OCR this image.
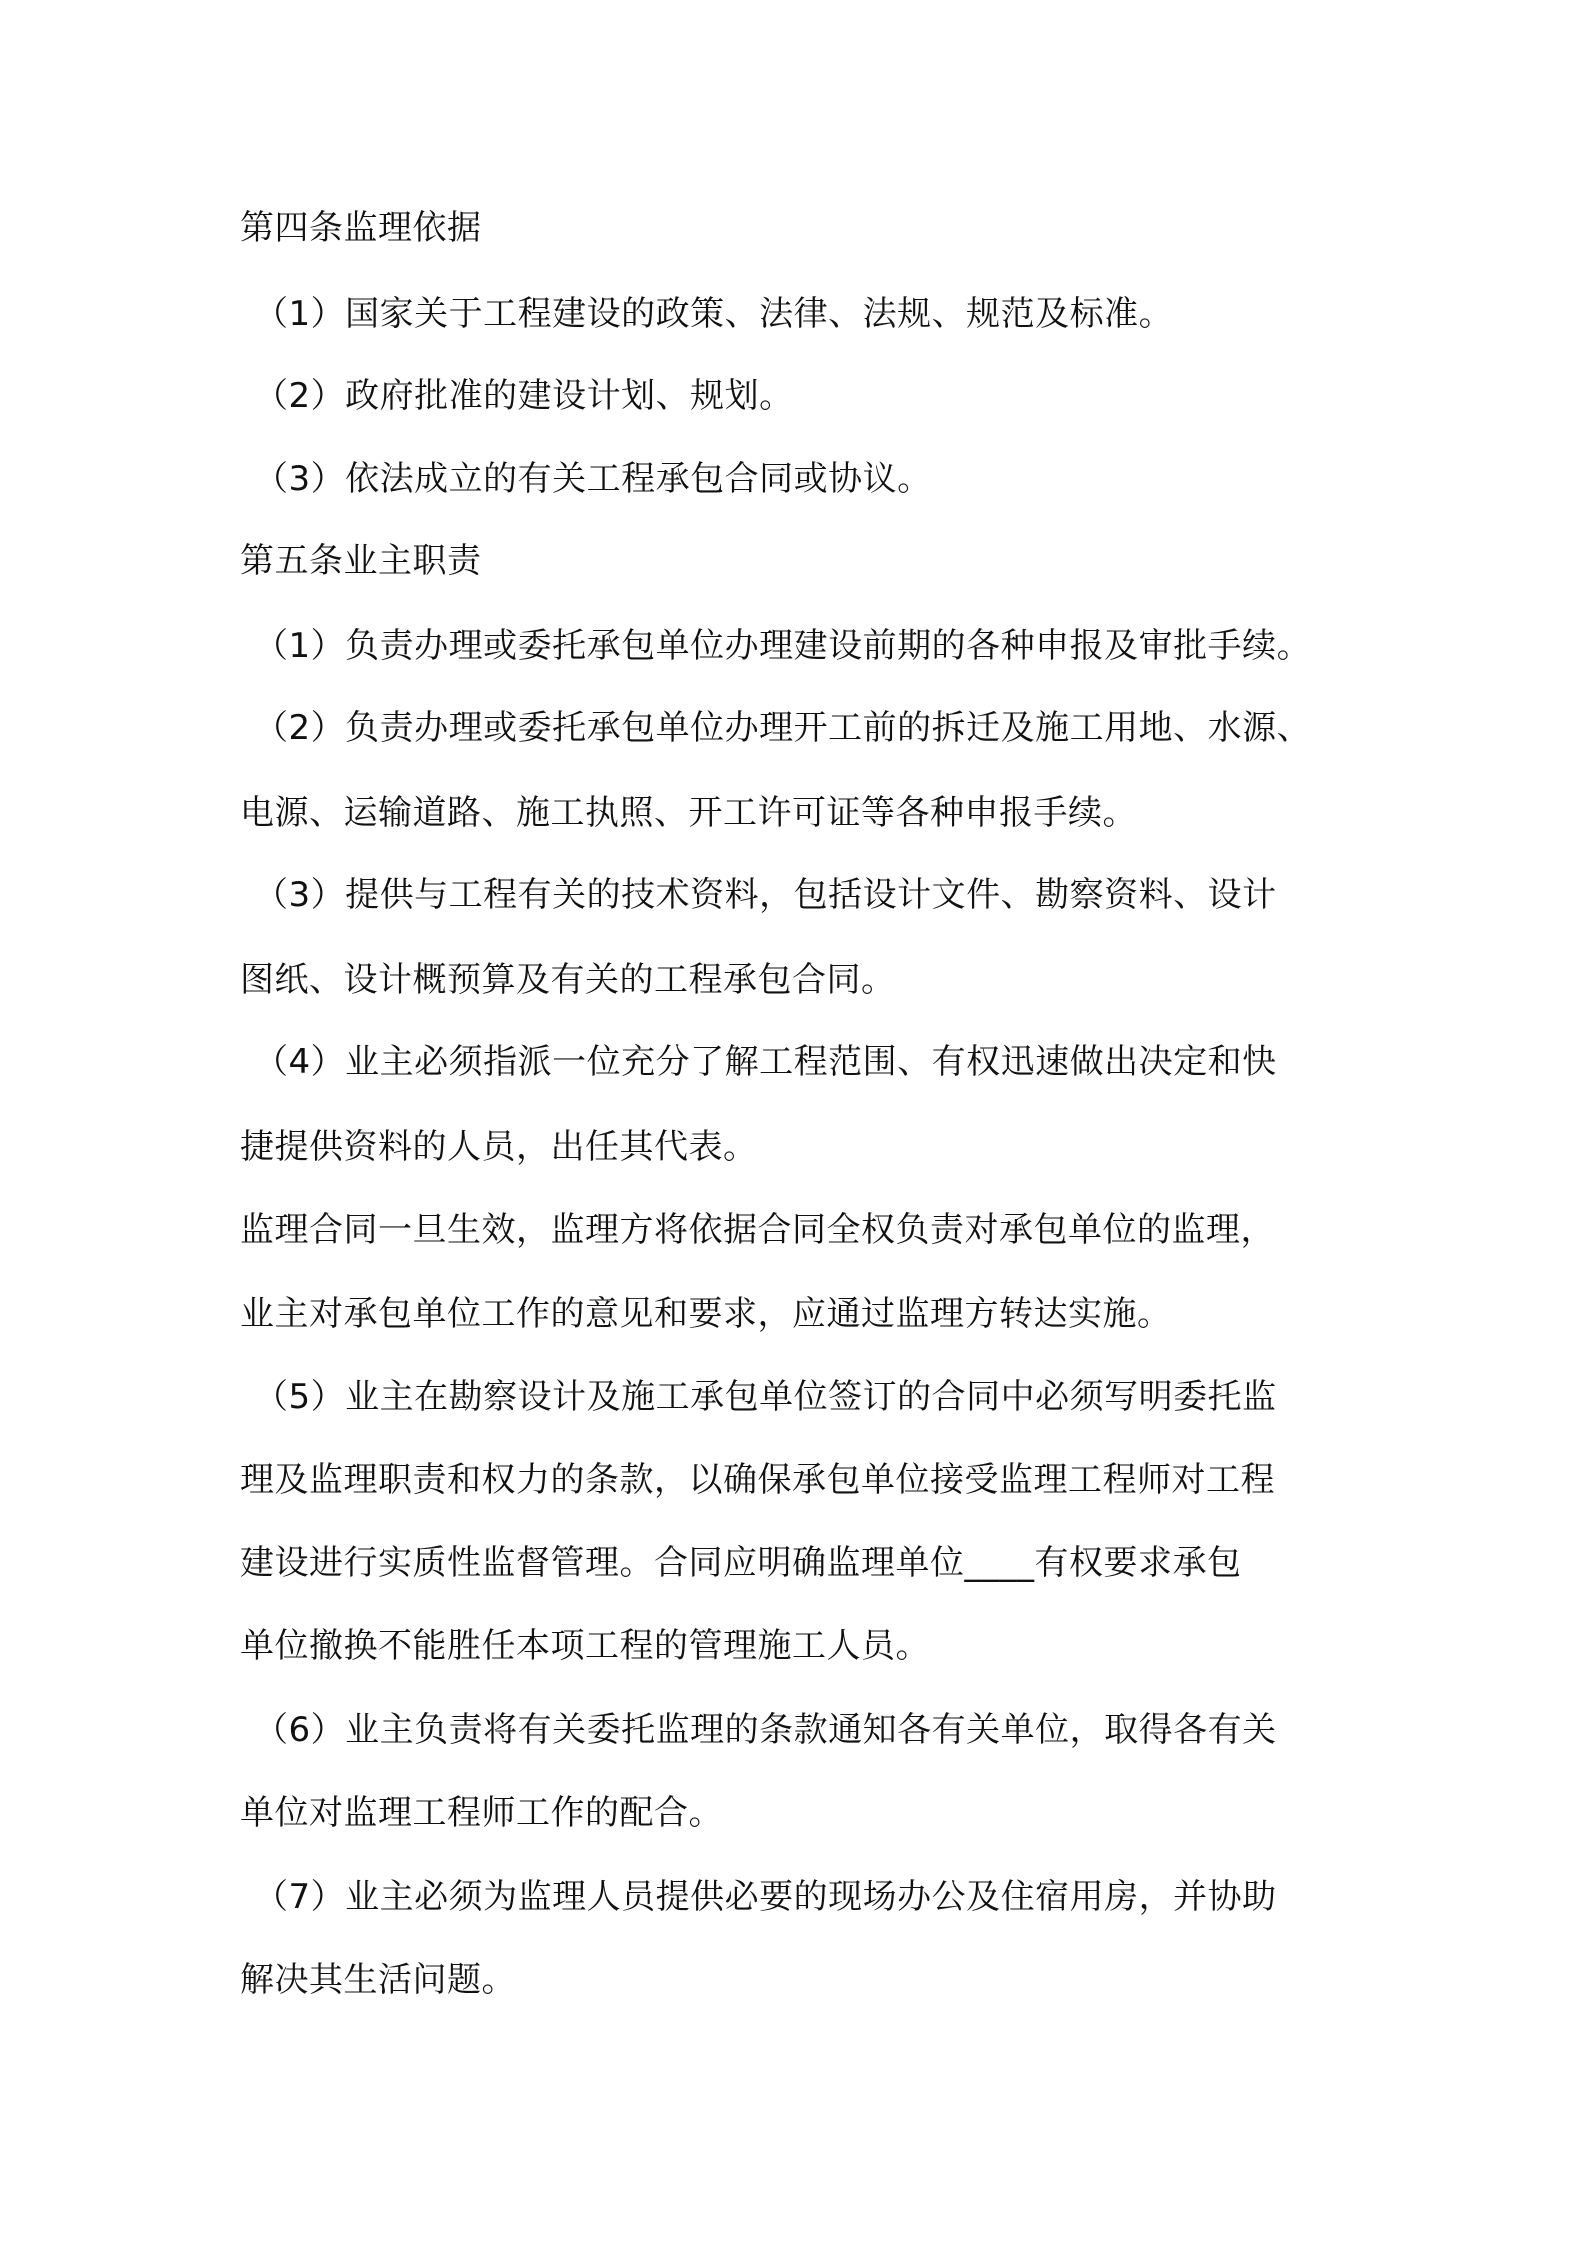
第四条监理依据
（1）国家关于工程建设的政策、法律、法规、规范及标准。
（2）政府批准的建设计划、规划。
（3）依法成立的有关工程承包合同或协议。
第五条业主职责
（1）负责办理或委托承包单位办理建设前期的各种申报及审批手续。
（2）负责办理或委托承包单位办理开工前的拆迁及施工用地、水源、
电源、运输道路、施工执照、开工许可证等各种申报手续。
（3）提供与工程有关的技术资料，包括设计文件、勘察资料、设计
图纸、设计概预算及有关的工程承包合同。
（4）业主必须指派一位充分了解工程范围、有权迅速做出决定和快
捷提供资料的人员，出任其代表。
监理合同一旦生效，监理方将依据合同全权负责对承包单位的监理，
业主对承包单位工作的意见和要求，应通过监理方转达实施。
（5）业主在勘察设计及施工承包单位签订的合同中必须写明委托监
理及监理职责和权力的条款，以确保承包单位接受监理工程师对工程
建设进行实质性监督管理。合同应明确监理单位____有权要求承包
单位撤换不能胜任本项工程的管理施工人员。
（6）业主负责将有关委托监理的条款通知各有关单位，取得各有关
单位对监理工程师工作的配合。
（7）业主必须为监理人员提供必要的现场办公及住宿用房，并协助
解决其生活问题。
